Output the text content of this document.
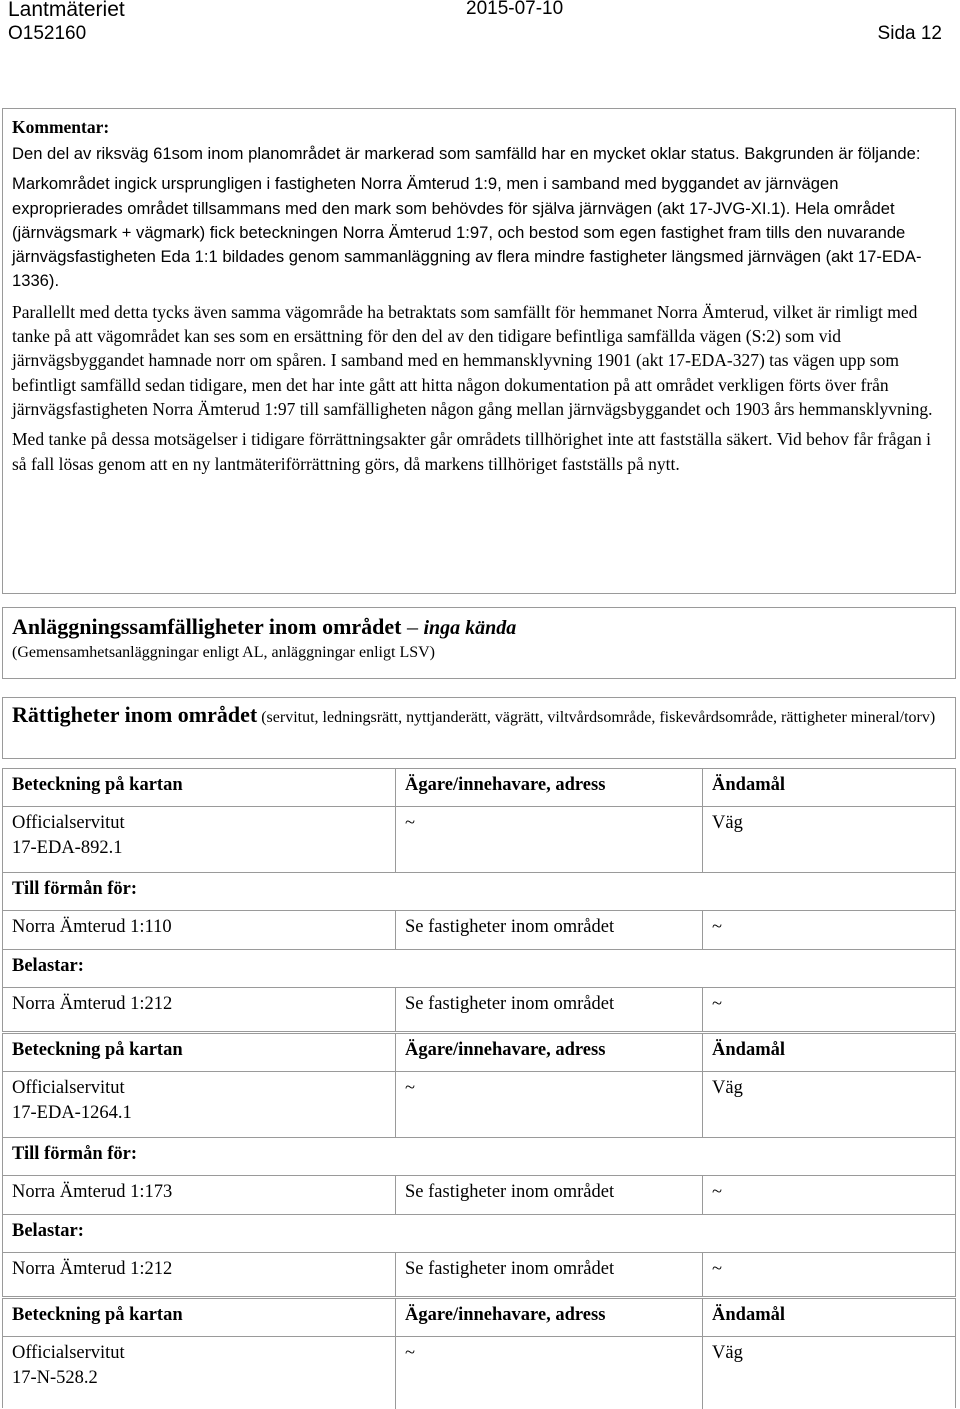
Lantmäteriet	2015-07-10
O152160	Sida 12
Kommentar:

Den del av riksväg 61som inom planområdet är markerad som samfälld har en mycket oklar status. Bakgrunden är följande:

Markområdet ingick ursprungligen i fastigheten Norra Ämterud 1:9, men i samband med byggandet av järnvägen exproprierades området tillsammans med den mark som behövdes för själva järnvägen (akt 17-JVG-XI.1). Hela området (järnvägsmark + vägmark) fick beteckningen Norra Ämterud 1:97, och bestod som egen fastighet fram tills den nuvarande järnvägsfastigheten Eda 1:1 bildades genom sammanläggning av flera mindre fastigheter längsmed järnvägen (akt 17-EDA-1336).

Parallellt med detta tycks även samma vägområde ha betraktats som samfällt för hemmanet Norra Ämterud, vilket är rimligt med tanke på att vägområdet kan ses som en ersättning för den del av den tidigare befintliga samfällda vägen (S:2) som vid järnvägsbyggandet hamnade norr om spåren. I samband med en hemmansklyvning 1901 (akt 17-EDA-327) tas vägen upp som befintligt samfälld sedan tidigare, men det har inte gått att hitta någon dokumentation på att området verkligen förts över från järnvägsfastigheten Norra Ämterud 1:97 till samfälligheten någon gång mellan järnvägsbyggandet och 1903 års hemmansklyvning.

Med tanke på dessa motsägelser i tidigare förrättningsakter går områdets tillhörighet inte att fastställa säkert. Vid behov får frågan i så fall lösas genom att en ny lantmäteriförrättning görs, då markens tillhöriget fastställs på nytt.

Anläggningssamfälligheter inom området – inga kända
(Gemensamhetsanläggningar enligt AL, anläggningar enligt LSV)
Rättigheter inom området (servitut, ledningsrätt, nyttjanderätt, vägrätt, viltvårdsområde, fiskevårdsområde, rättigheter mineral/torv)
Beteckning på kartan	Ägare/innehavare, adress	Ändamål
Officialservitut
17-EDA-892.1
~	Väg
Till förmån för:
Norra Ämterud 1:110	Se fastigheter inom området	~
Belastar:
Norra Ämterud 1:212	Se fastigheter inom området	~
Beteckning på kartan	Ägare/innehavare, adress	Ändamål
Officialservitut
17-EDA-1264.1
~	Väg
Till förmån för:
Norra Ämterud 1:173	Se fastigheter inom området	~
Belastar:
Norra Ämterud 1:212	Se fastigheter inom området	~
Beteckning på kartan	Ägare/innehavare, adress	Ändamål
Officialservitut
17-N-528.2
~	Väg
